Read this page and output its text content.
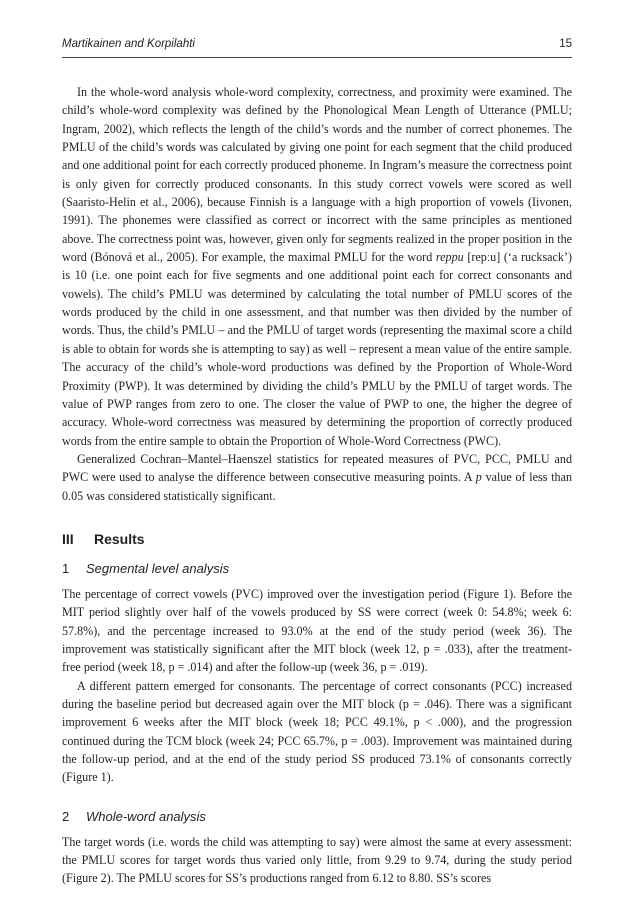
Martikainen and Korpilahti	15

In the whole-word analysis whole-word complexity, correctness, and proximity were examined. The child’s whole-word complexity was defined by the Phonological Mean Length of Utterance (PMLU; Ingram, 2002), which reflects the length of the child’s words and the number of correct phonemes. The PMLU of the child’s words was calculated by giving one point for each segment that the child produced and one additional point for each correctly produced phoneme. In Ingram’s measure the correctness point is only given for correctly produced consonants. In this study correct vowels were scored as well (Saaristo-Helin et al., 2006), because Finnish is a language with a high proportion of vowels (Iivonen, 1991). The phonemes were classified as correct or incorrect with the same principles as mentioned above. The correctness point was, however, given only for segments realized in the proper position in the word (Bónová et al., 2005). For example, the maximal PMLU for the word reppu [repːu] (‘a rucksack’) is 10 (i.e. one point each for five segments and one additional point each for correct consonants and vowels). The child’s PMLU was determined by calculating the total number of PMLU scores of the words produced by the child in one assessment, and that number was then divided by the number of words. Thus, the child’s PMLU – and the PMLU of target words (representing the maximal score a child is able to obtain for words she is attempting to say) as well – represent a mean value of the entire sample. The accuracy of the child’s whole-word productions was defined by the Proportion of Whole-Word Proximity (PWP). It was determined by dividing the child’s PMLU by the PMLU of target words. The value of PWP ranges from zero to one. The closer the value of PWP to one, the higher the degree of accuracy. Whole-word correctness was measured by determining the proportion of correctly produced words from the entire sample to obtain the Proportion of Whole-Word Correctness (PWC).

Generalized Cochran–Mantel–Haenszel statistics for repeated measures of PVC, PCC, PMLU and PWC were used to analyse the difference between consecutive measuring points. A p value of less than 0.05 was considered statistically significant.

III Results
1 Segmental level analysis

The percentage of correct vowels (PVC) improved over the investigation period (Figure 1). Before the MIT period slightly over half of the vowels produced by SS were correct (week 0: 54.8%; week 6: 57.8%), and the percentage increased to 93.0% at the end of the study period (week 36). The improvement was statistically significant after the MIT block (week 12, p = .033), after the treatment-free period (week 18, p = .014) and after the follow-up (week 36, p = .019).

A different pattern emerged for consonants. The percentage of correct consonants (PCC) increased during the baseline period but decreased again over the MIT block (p = .046). There was a significant improvement 6 weeks after the MIT block (week 18; PCC 49.1%, p < .000), and the progression continued during the TCM block (week 24; PCC 65.7%, p = .003). Improvement was maintained during the follow-up period, and at the end of the study period SS produced 73.1% of consonants correctly (Figure 1).

2 Whole-word analysis

The target words (i.e. words the child was attempting to say) were almost the same at every assessment: the PMLU scores for target words thus varied only little, from 9.29 to 9.74, during the study period (Figure 2). The PMLU scores for SS’s productions ranged from 6.12 to 8.80. SS’s scores
